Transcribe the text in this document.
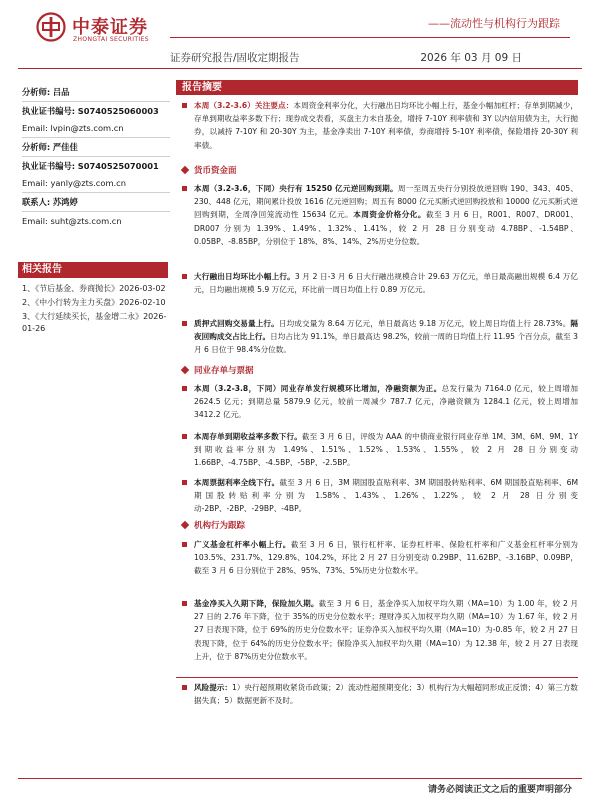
中泰证券
ZHONGTAI SECURITIES
——流动性与机构行为跟踪
证券研究报告/固收定期报告	2026 年 03 月 09 日
分析师: 吕品
执业证书编号: S0740525060003
Email: lvpin@zts.com.cn
分析师: 严佳佳
执业证书编号: S0740525070001
Email: yanly@zts.com.cn
联系人: 苏鸿婷
Email: suht@zts.com.cn
相关报告
1、《节后基金、券商抛长》2026-03-02
2、《中小行转为主力买盘》2026-02-10
3、《大行延续买长，基金增二永》2026-01-26
报告摘要
本周（3.2-3.6）关注要点：本周资金利率分化，大行融出日均环比小幅上行，基金小幅加杠杆；存单到期减少，存单到期收益率多数下行；现券成交表看，买盘主力未自基金，增持 7-10Y 利率债和 3Y 以内信用债为主，大行抛券，以减持 7-10Y 和 20-30Y 为主，基金净卖出 7-10Y 利率债，券商增持 5-10Y 利率债，保险增持 20-30Y 利率债。
货币资金面
本周（3.2-3.6，下同）央行有 15250 亿元逆回购到期。周一至周五央行分别投放逆回购 190、343、405、230、448 亿元，期间累计投放 1616 亿元逆回购；周五有 8000 亿元买断式逆回购投放和 10000 亿元买断式逆回购到期，全周净回笼流动性 15634 亿元。本周资金价格分化。截至 3 月 6 日，R001、R007、DR001、DR007 分别为 1.39%、1.49%、1.32%、1.41%，较 2 月 28 日分别变动 4.78BP、-1.54BP、0.05BP、-8.85BP，分别位于 18%、8%、14%、2%历史分位数。
大行融出日均环比小幅上行。3 月 2 日-3 月 6 日大行融出规模合计 29.63 万亿元，单日最高融出规模 6.4 万亿元，日均融出规模 5.9 万亿元，环比前一周日均值上行 0.89 万亿元。
质押式回购交易量上行。日均成交量为 8.64 万亿元，单日最高达 9.18 万亿元，较上周日均值上行 28.73%。隔夜回购成交占比上行。日均占比为 91.1%，单日最高达 98.2%，较前一周的日均值上行 11.95 个百分点，截至 3 月 6 日位于 98.4%分位数。
同业存单与票据
本周（3.2-3.8，下同）同业存单发行规模环比增加，净融资额为正。总发行量为 7164.0 亿元，较上周增加 2624.5 亿元；到期总量 5879.9 亿元，较前一周减少 787.7 亿元，净融资额为 1284.1 亿元，较上周增加 3412.2 亿元。
本周存单到期收益率多数下行。截至 3 月 6 日，评级为 AAA 的中债商业银行同业存单 1M、3M、6M、9M、1Y 到期收益率分别为 1.49%、1.51%、1.52%、1.53%、1.55%，较 2 月 28 日分别变动 1.66BP、-4.75BP、-4.5BP、-5BP、-2.5BP。
本周票据利率全线下行。截至 3 月 6 日，3M 期国股直贴利率、3M 期国股转贴利率、6M 期国股直贴利率、6M 期国股转贴利率分别为 1.58%、1.43%、1.26%、1.22%，较 2 月 28 日分别变动-2BP、-2BP、-29BP、-4BP。
机构行为跟踪
广义基金杠杆率小幅上行。截至 3 月 6 日，银行杠杆率、证券杠杆率、保险杠杆率和广义基金杠杆率分别为 103.5%、231.7%、129.8%、104.2%，环比 2 月 27 日分别变动 0.29BP、11.62BP、-3.16BP、0.09BP，截至 3 月 6 日分别位于 28%、95%、73%、5%历史分位数水平。
基金净买入久期下降，保险加久期。截至 3 月 6 日，基金净买入加权平均久期（MA=10）为 1.00 年，较 2 月 27 日的 2.76 年下降，位于 35%的历史分位数水平；理财净买入加权平均久期（MA=10）为 1.67 年，较 2 月 27 日表现下降，位于 69%的历史分位数水平；证券净买入加权平均久期（MA=10）为-0.85 年，较 2 月 27 日表现下降，位于 64%的历史分位数水平；保险净买入加权平均久期（MA=10）为 12.38 年，较 2 月 27 日表现上升，位于 87%历史分位数水平。
风险提示：1）央行超预期收紧货币政策；2）流动性超预期变化；3）机构行为大幅超同形成正反馈；4）第三方数据失真；5）数据更新不及时。
请务必阅读正文之后的重要声明部分
